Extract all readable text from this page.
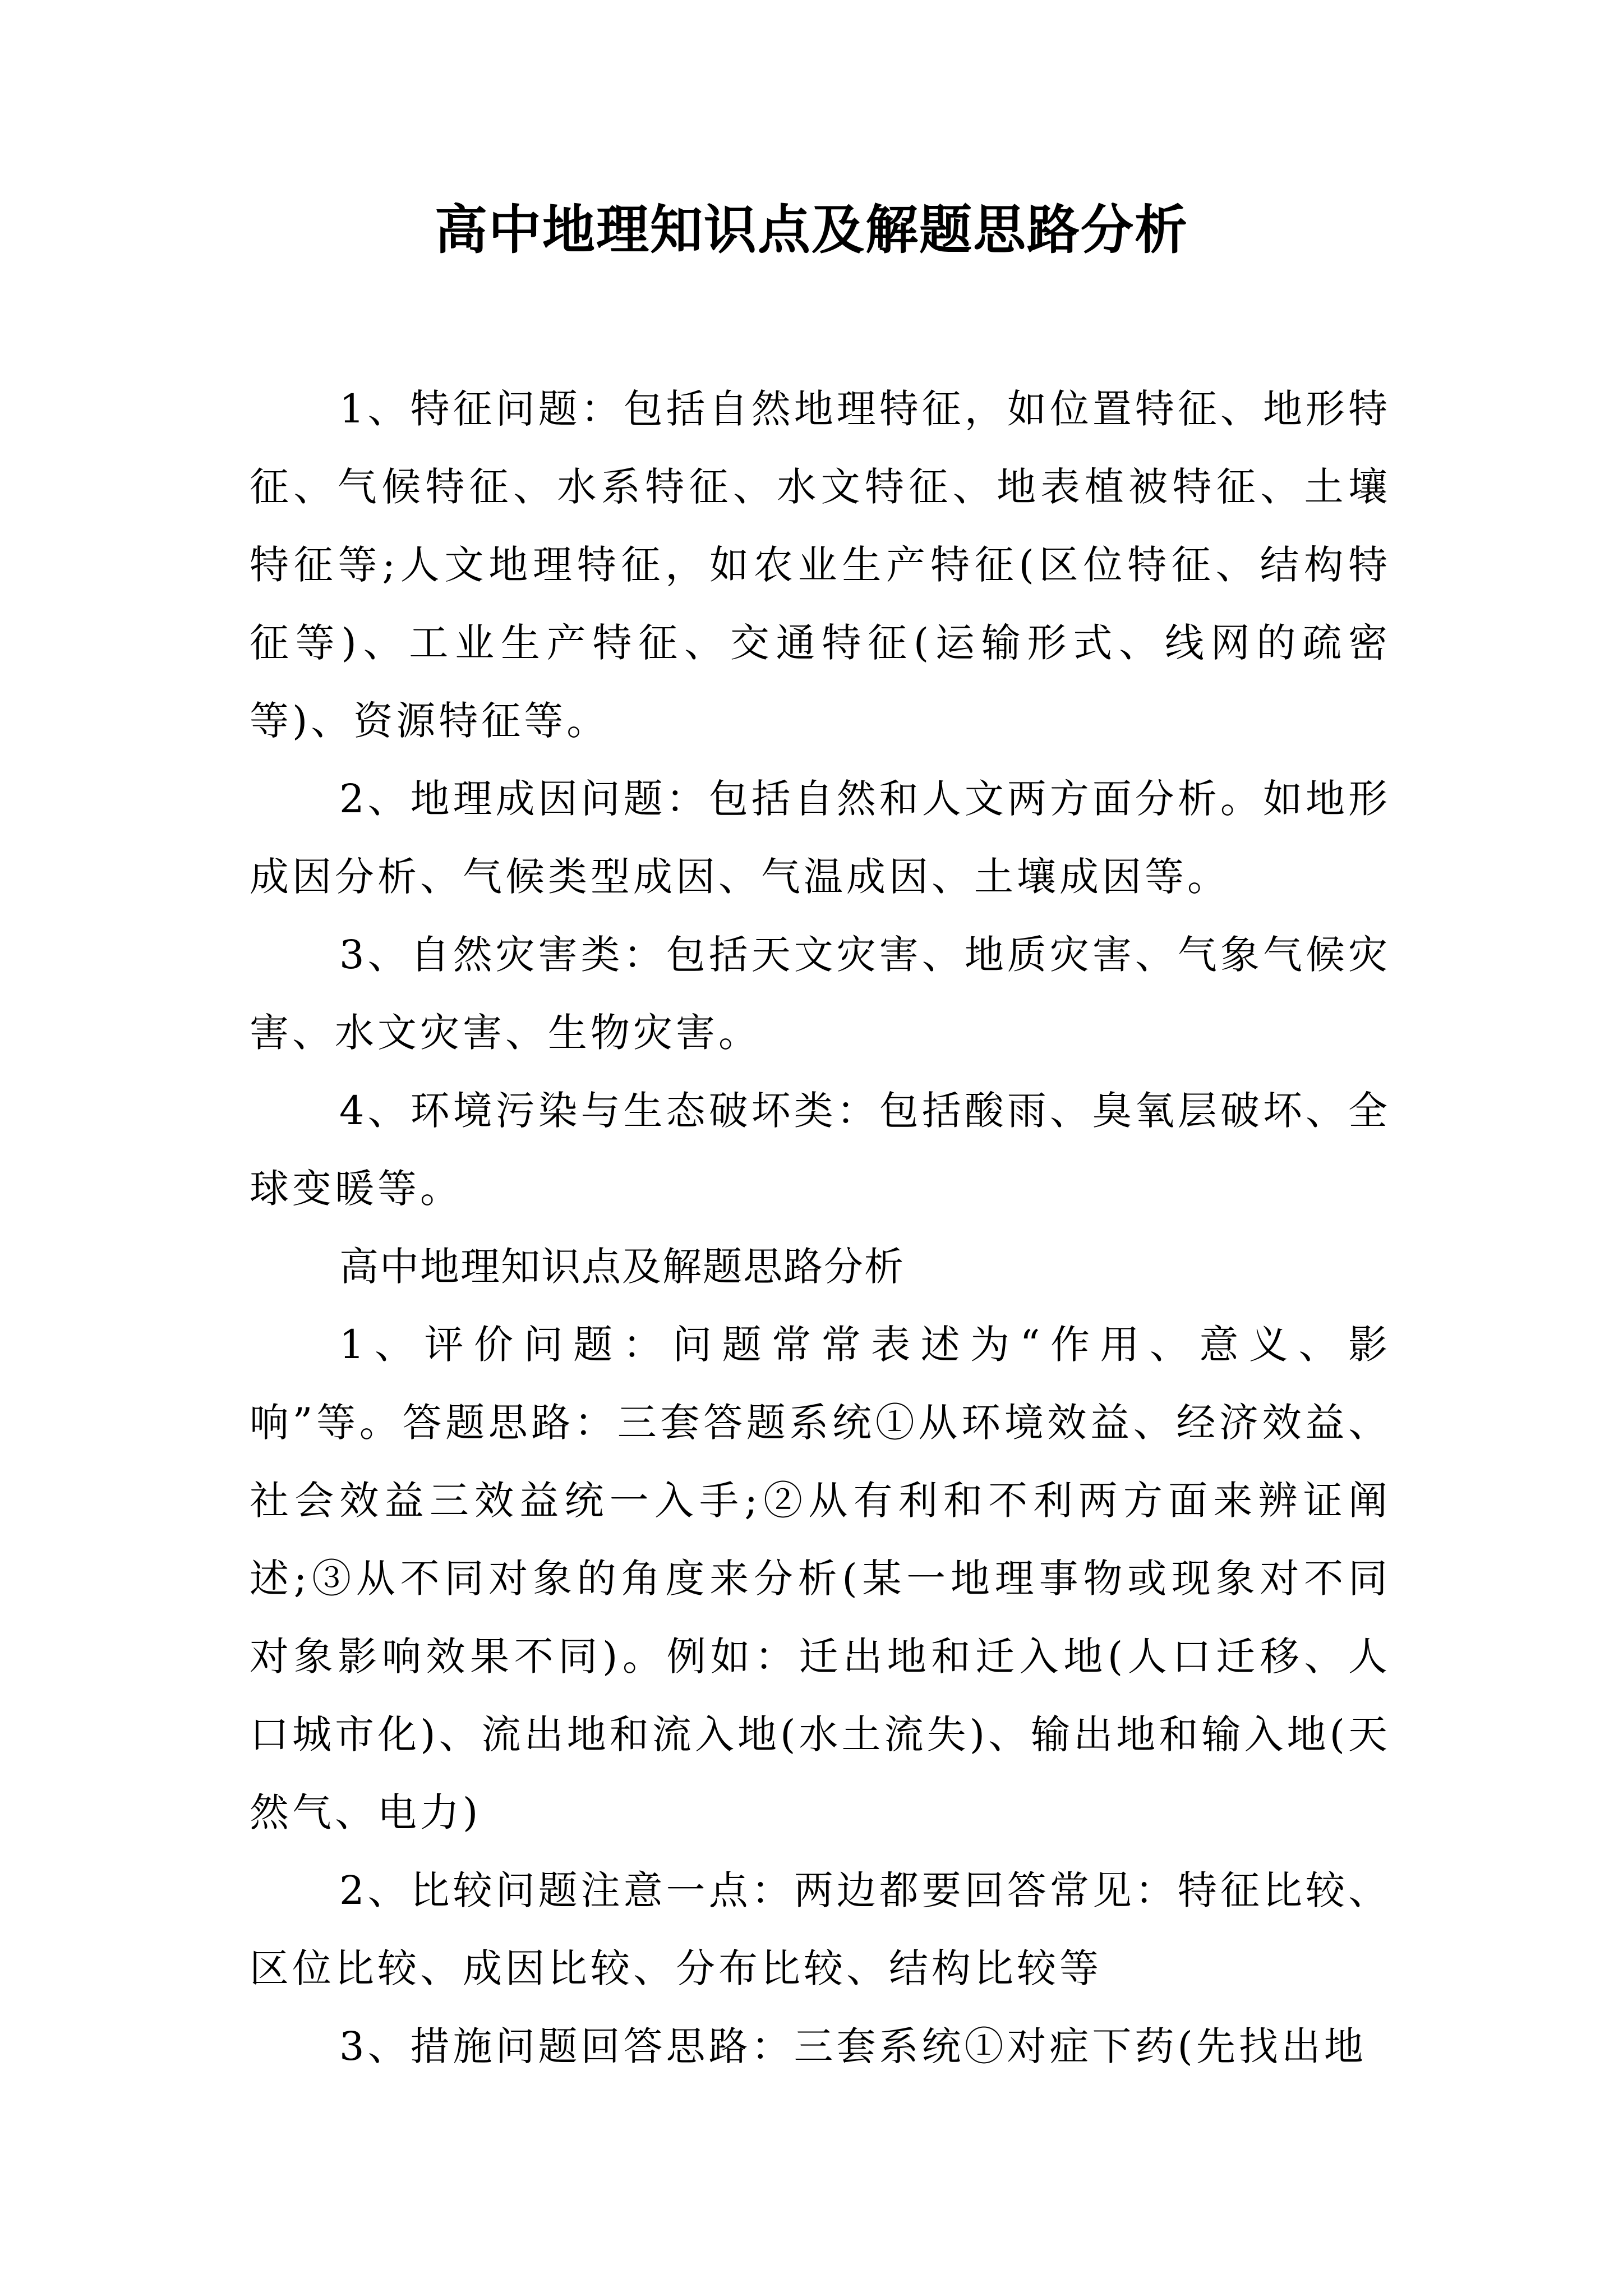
高中地理知识点及解题思路分析

1、特征问题：包括自然地理特征，如位置特征、地形特征、气候特征、水系特征、水文特征、地表植被特征、土壤特征等;人文地理特征，如农业生产特征(区位特征、结构特征等)、工业生产特征、交通特征(运输形式、线网的疏密等)、资源特征等。

2、地理成因问题：包括自然和人文两方面分析。如地形成因分析、气候类型成因、气温成因、土壤成因等。

3、自然灾害类：包括天文灾害、地质灾害、气象气候灾害、水文灾害、生物灾害。

4、环境污染与生态破坏类：包括酸雨、臭氧层破坏、全球变暖等。

高中地理知识点及解题思路分析

1、评价问题：问题常常表述为“作用、意义、影响”等。答题思路：三套答题系统①从环境效益、经济效益、社会效益三效益统一入手;②从有利和不利两方面来辨证阐述;③从不同对象的角度来分析(某一地理事物或现象对不同对象影响效果不同)。例如：迁出地和迁入地(人口迁移、人口城市化)、流出地和流入地(水土流失)、输出地和输入地(天然气、电力)

2、比较问题注意一点：两边都要回答常见：特征比较、区位比较、成因比较、分布比较、结构比较等

3、措施问题回答思路：三套系统①对症下药(先找出地
